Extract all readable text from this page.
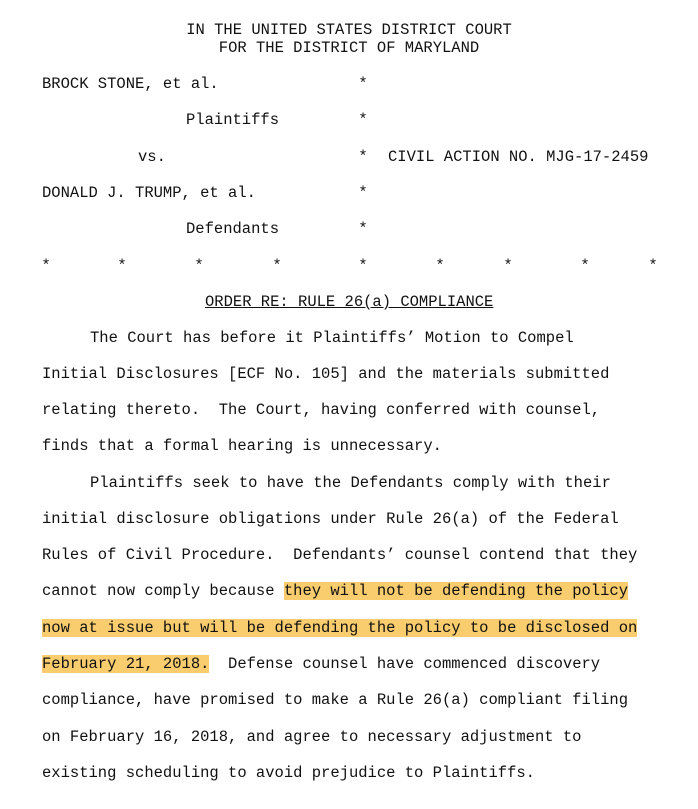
IN THE UNITED STATES DISTRICT COURT
FOR THE DISTRICT OF MARYLAND
BROCK STONE, et al.	*
Plaintiffs	*
vs.	* CIVIL ACTION NO. MJG-17-2459
DONALD J. TRUMP, et al.	*
Defendants	*
*	*	*	*	*	*	*	*	*
ORDER RE: RULE 26(a) COMPLIANCE
The Court has before it Plaintiffs’ Motion to Compel
Initial Disclosures [ECF No. 105] and the materials submitted
relating thereto.  The Court, having conferred with counsel,
finds that a formal hearing is unnecessary.
Plaintiffs seek to have the Defendants comply with their
initial disclosure obligations under Rule 26(a) of the Federal
Rules of Civil Procedure.  Defendants’ counsel contend that they
cannot now comply because they will not be defending the policy
now at issue but will be defending the policy to be disclosed on
February 21, 2018.  Defense counsel have commenced discovery
compliance, have promised to make a Rule 26(a) compliant filing
on February 16, 2018, and agree to necessary adjustment to
existing scheduling to avoid prejudice to Plaintiffs.
